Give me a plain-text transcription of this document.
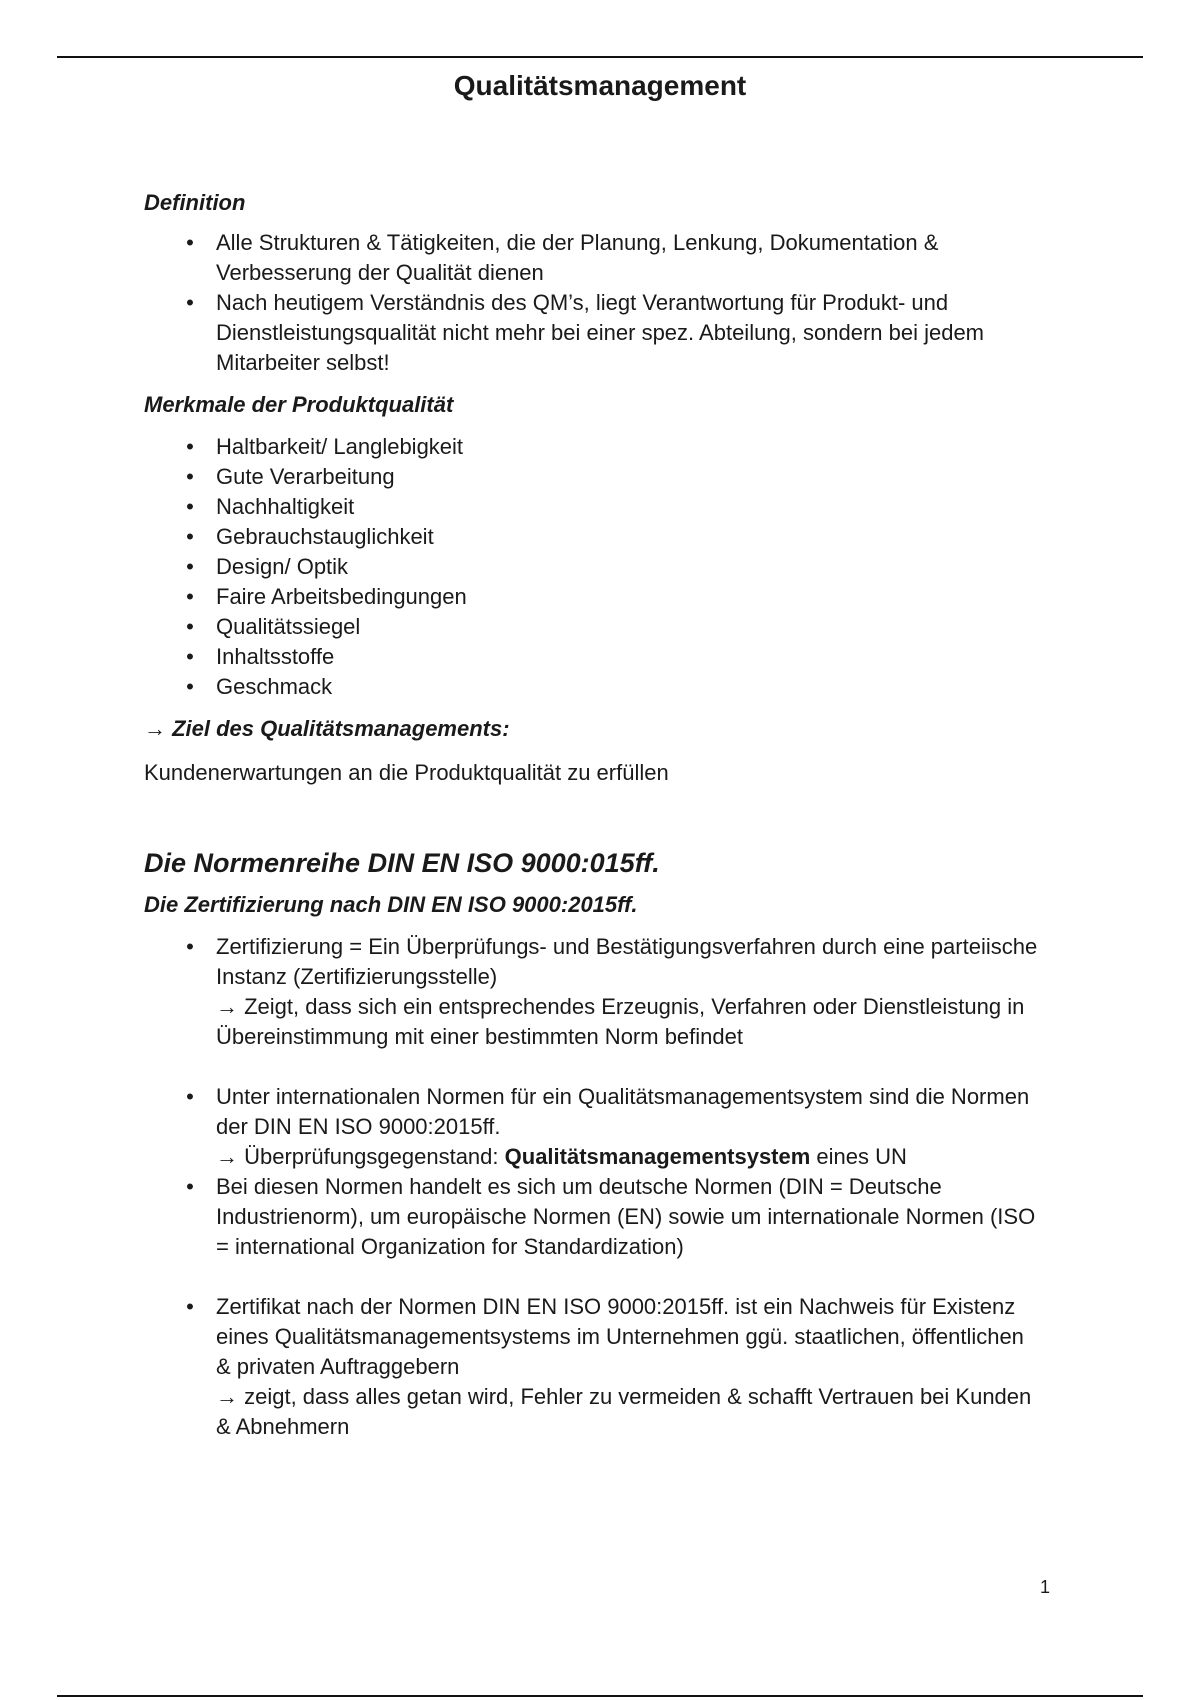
Qualitätsmanagement

Definition

• Alle Strukturen & Tätigkeiten, die der Planung, Lenkung, Dokumentation & Verbesserung der Qualität dienen
• Nach heutigem Verständnis des QM’s, liegt Verantwortung für Produkt- und Dienstleistungsqualität nicht mehr bei einer spez. Abteilung, sondern bei jedem Mitarbeiter selbst!

Merkmale der Produktqualität

• Haltbarkeit/ Langlebigkeit
• Gute Verarbeitung
• Nachhaltigkeit
• Gebrauchstauglichkeit
• Design/ Optik
• Faire Arbeitsbedingungen
• Qualitätssiegel
• Inhaltsstoffe
• Geschmack

→ Ziel des Qualitätsmanagements:

Kundenerwartungen an die Produktqualität zu erfüllen

Die Normenreihe DIN EN ISO 9000:015ff.

Die Zertifizierung nach DIN EN ISO 9000:2015ff.

• Zertifizierung = Ein Überprüfungs- und Bestätigungsverfahren durch eine parteiische Instanz (Zertifizierungsstelle)
→ Zeigt, dass sich ein entsprechendes Erzeugnis, Verfahren oder Dienstleistung in Übereinstimmung mit einer bestimmten Norm befindet
• Unter internationalen Normen für ein Qualitätsmanagementsystem sind die Normen der DIN EN ISO 9000:2015ff.
→ Überprüfungsgegenstand: Qualitätsmanagementsystem eines UN
• Bei diesen Normen handelt es sich um deutsche Normen (DIN = Deutsche Industrienorm), um europäische Normen (EN) sowie um internationale Normen (ISO = international Organization for Standardization)
• Zertifikat nach der Normen DIN EN ISO 9000:2015ff. ist ein Nachweis für Existenz eines Qualitätsmanagementsystems im Unternehmen ggü. staatlichen, öffentlichen & privaten Auftraggebern
→ zeigt, dass alles getan wird, Fehler zu vermeiden & schafft Vertrauen bei Kunden & Abnehmern
1
